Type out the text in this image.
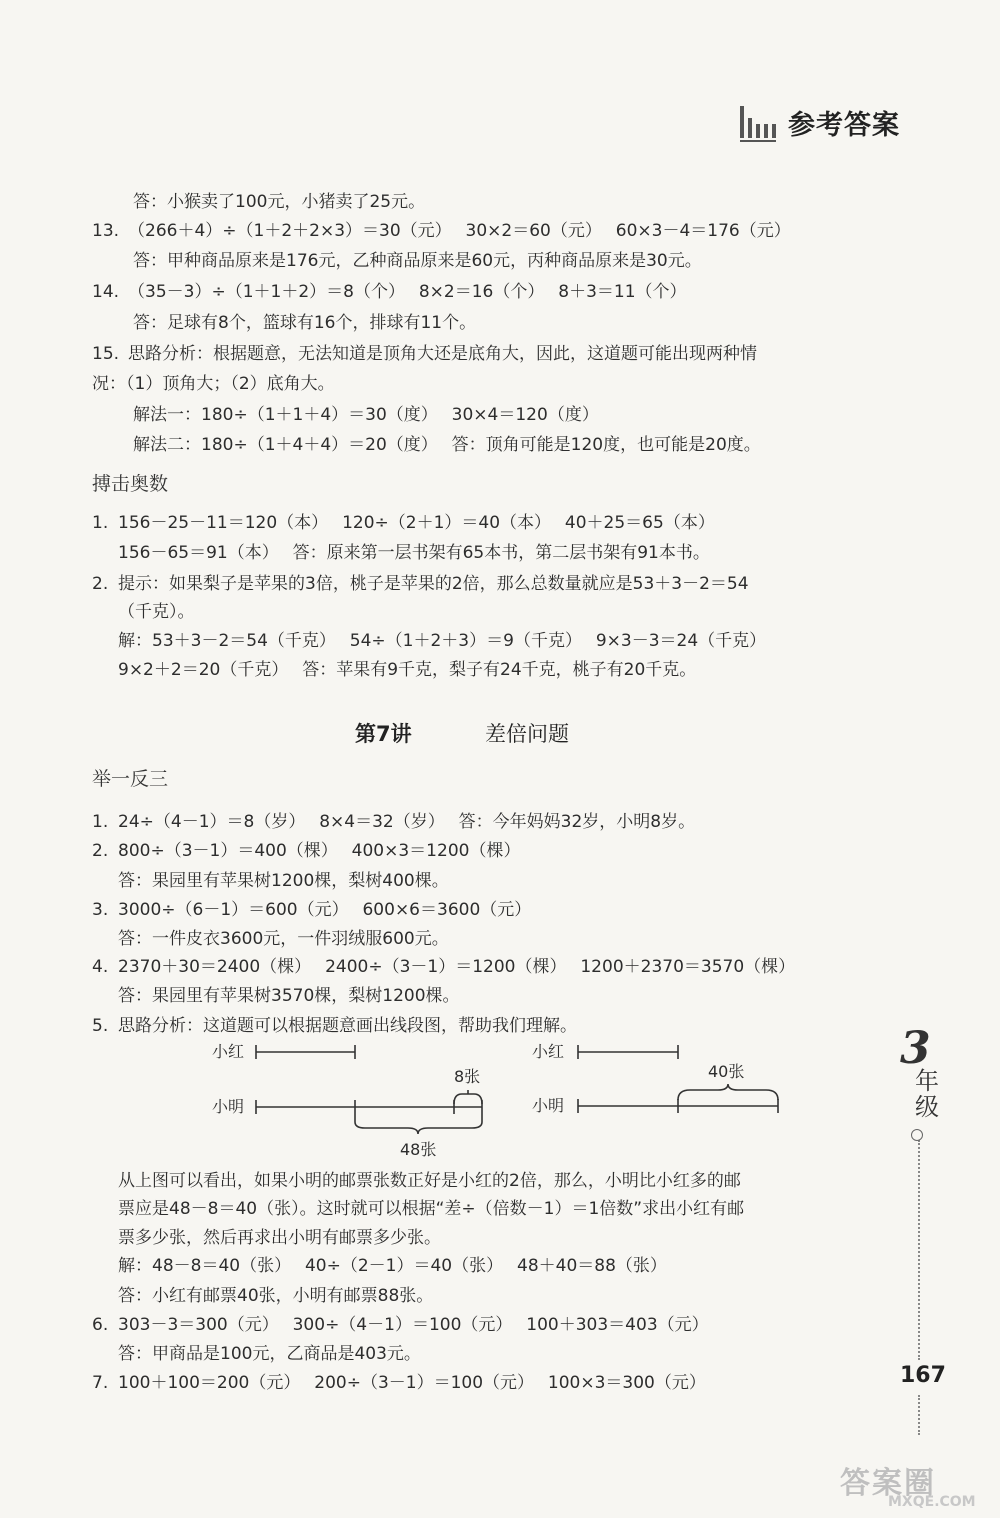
参考答案
答：小猴卖了100元，小猪卖了25元。
13. （266＋4）÷（1＋2＋2×3）＝30（元）　 30×2＝60（元）　 60×3－4＝176（元）
答：甲种商品原来是176元，乙种商品原来是60元，丙种商品原来是30元。
14. （35－3）÷（1＋1＋2）＝8（个）　 8×2＝16（个）　 8＋3＝11（个）
答：足球有8个，篮球有16个，排球有11个。
15. 思路分析：根据题意，无法知道是顶角大还是底角大，因此，这道题可能出现两种情
况：（1）顶角大；（2）底角大。
解法一：180÷（1＋1＋4）＝30（度）　 30×4＝120（度）
解法二：180÷（1＋4＋4）＝20（度）　 答：顶角可能是120度，也可能是20度。
搏击奥数
1. 156－25－11＝120（本）　 120÷（2＋1）＝40（本）　 40＋25＝65（本）
156－65＝91（本）　 答：原来第一层书架有65本书，第二层书架有91本书。
2. 提示：如果梨子是苹果的3倍，桃子是苹果的2倍，那么总数量就应是53＋3－2＝54
（千克）。
解：53＋3－2＝54（千克）　 54÷（1＋2＋3）＝9（千克）　 9×3－3＝24（千克）
9×2＋2＝20（千克）　 答：苹果有9千克，梨子有24千克，桃子有20千克。
第7讲	差倍问题
举一反三
1. 24÷（4－1）＝8（岁）　 8×4＝32（岁）　 答：今年妈妈32岁，小明8岁。
2. 800÷（3－1）＝400（棵）　 400×3＝1200（棵）
答：果园里有苹果树1200棵，梨树400棵。
3. 3000÷（6－1）＝600（元）　 600×6＝3600（元）
答：一件皮衣3600元，一件羽绒服600元。
4. 2370＋30＝2400（棵）　 2400÷（3－1）＝1200（棵）　 1200＋2370＝3570（棵）
答：果园里有苹果树3570棵，梨树1200棵。
5. 思路分析：这道题可以根据题意画出线段图，帮助我们理解。
小红
小明
8张
48张
小红
小明
40张
从上图可以看出，如果小明的邮票张数正好是小红的2倍，那么，小明比小红多的邮
票应是48－8＝40（张）。这时就可以根据“差÷（倍数－1）＝1倍数”求出小红有邮
票多少张，然后再求出小明有邮票多少张。
解：48－8＝40（张）　 40÷（2－1）＝40（张）　 48＋40＝88（张）
答：小红有邮票40张，小明有邮票88张。
6. 303－3＝300（元）　 300÷（4－1）＝100（元）　 100＋303＝403（元）
答：甲商品是100元，乙商品是403元。
7. 100＋100＝200（元）　 200÷（3－1）＝100（元）　 100×3＝300（元）
3
年级
167
答案圈
MXQE.COM
